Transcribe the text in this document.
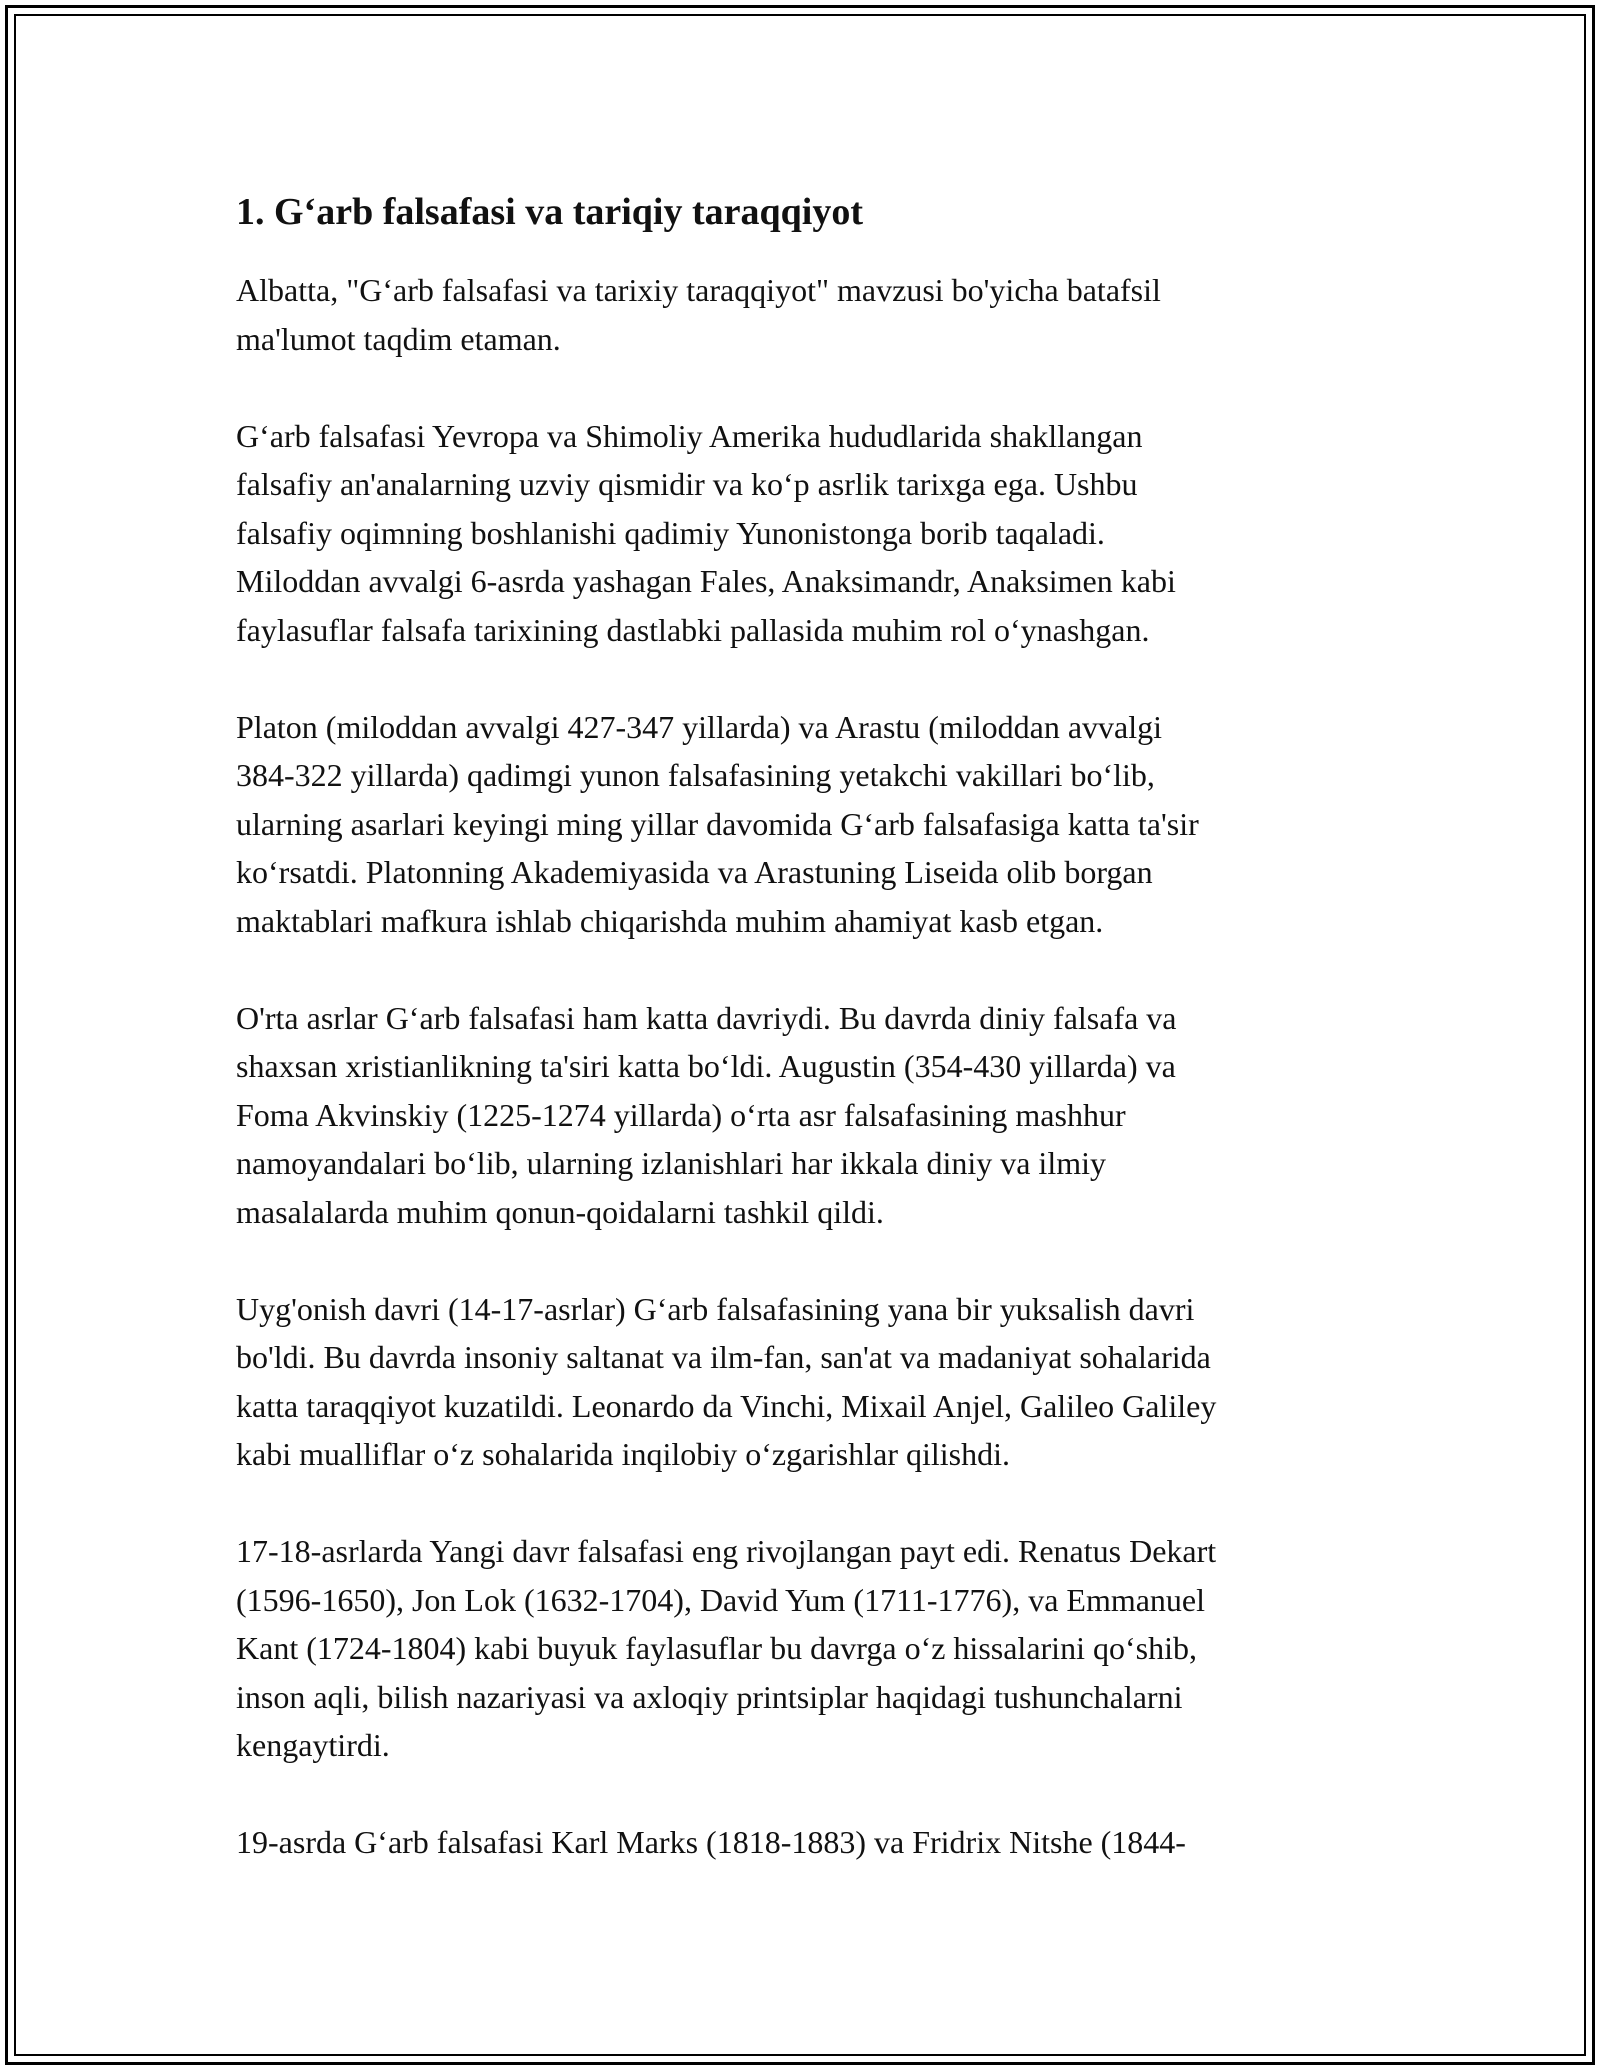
1. G‘arb falsafasi va tariqiy taraqqiyot

Albatta, "G‘arb falsafasi va tarixiy taraqqiyot" mavzusi bo'yicha batafsil
ma'lumot taqdim etaman.

G‘arb falsafasi Yevropa va Shimoliy Amerika hududlarida shakllangan
falsafiy an'analarning uzviy qismidir va ko‘p asrlik tarixga ega. Ushbu
falsafiy oqimning boshlanishi qadimiy Yunonistonga borib taqaladi.
Miloddan avvalgi 6-asrda yashagan Fales, Anaksimandr, Anaksimen kabi
faylasuflar falsafa tarixining dastlabki pallasida muhim rol o‘ynashgan.

Platon (miloddan avvalgi 427-347 yillarda) va Arastu (miloddan avvalgi
384-322 yillarda) qadimgi yunon falsafasining yetakchi vakillari bo‘lib,
ularning asarlari keyingi ming yillar davomida G‘arb falsafasiga katta ta'sir
ko‘rsatdi. Platonning Akademiyasida va Arastuning Liseida olib borgan
maktablari mafkura ishlab chiqarishda muhim ahamiyat kasb etgan.

O'rta asrlar G‘arb falsafasi ham katta davriydi. Bu davrda diniy falsafa va
shaxsan xristianlikning ta'siri katta bo‘ldi. Augustin (354-430 yillarda) va
Foma Akvinskiy (1225-1274 yillarda) o‘rta asr falsafasining mashhur
namoyandalari bo‘lib, ularning izlanishlari har ikkala diniy va ilmiy
masalalarda muhim qonun-qoidalarni tashkil qildi.

Uyg'onish davri (14-17-asrlar) G‘arb falsafasining yana bir yuksalish davri
bo'ldi. Bu davrda insoniy saltanat va ilm-fan, san'at va madaniyat sohalarida
katta taraqqiyot kuzatildi. Leonardo da Vinchi, Mixail Anjel, Galileo Galiley
kabi mualliflar o‘z sohalarida inqilobiy o‘zgarishlar qilishdi.

17-18-asrlarda Yangi davr falsafasi eng rivojlangan payt edi. Renatus Dekart
(1596-1650), Jon Lok (1632-1704), David Yum (1711-1776), va Emmanuel
Kant (1724-1804) kabi buyuk faylasuflar bu davrga o‘z hissalarini qo‘shib,
inson aqli, bilish nazariyasi va axloqiy printsiplar haqidagi tushunchalarni
kengaytirdi.

19-asrda G‘arb falsafasi Karl Marks (1818-1883) va Fridrix Nitshe (1844-
